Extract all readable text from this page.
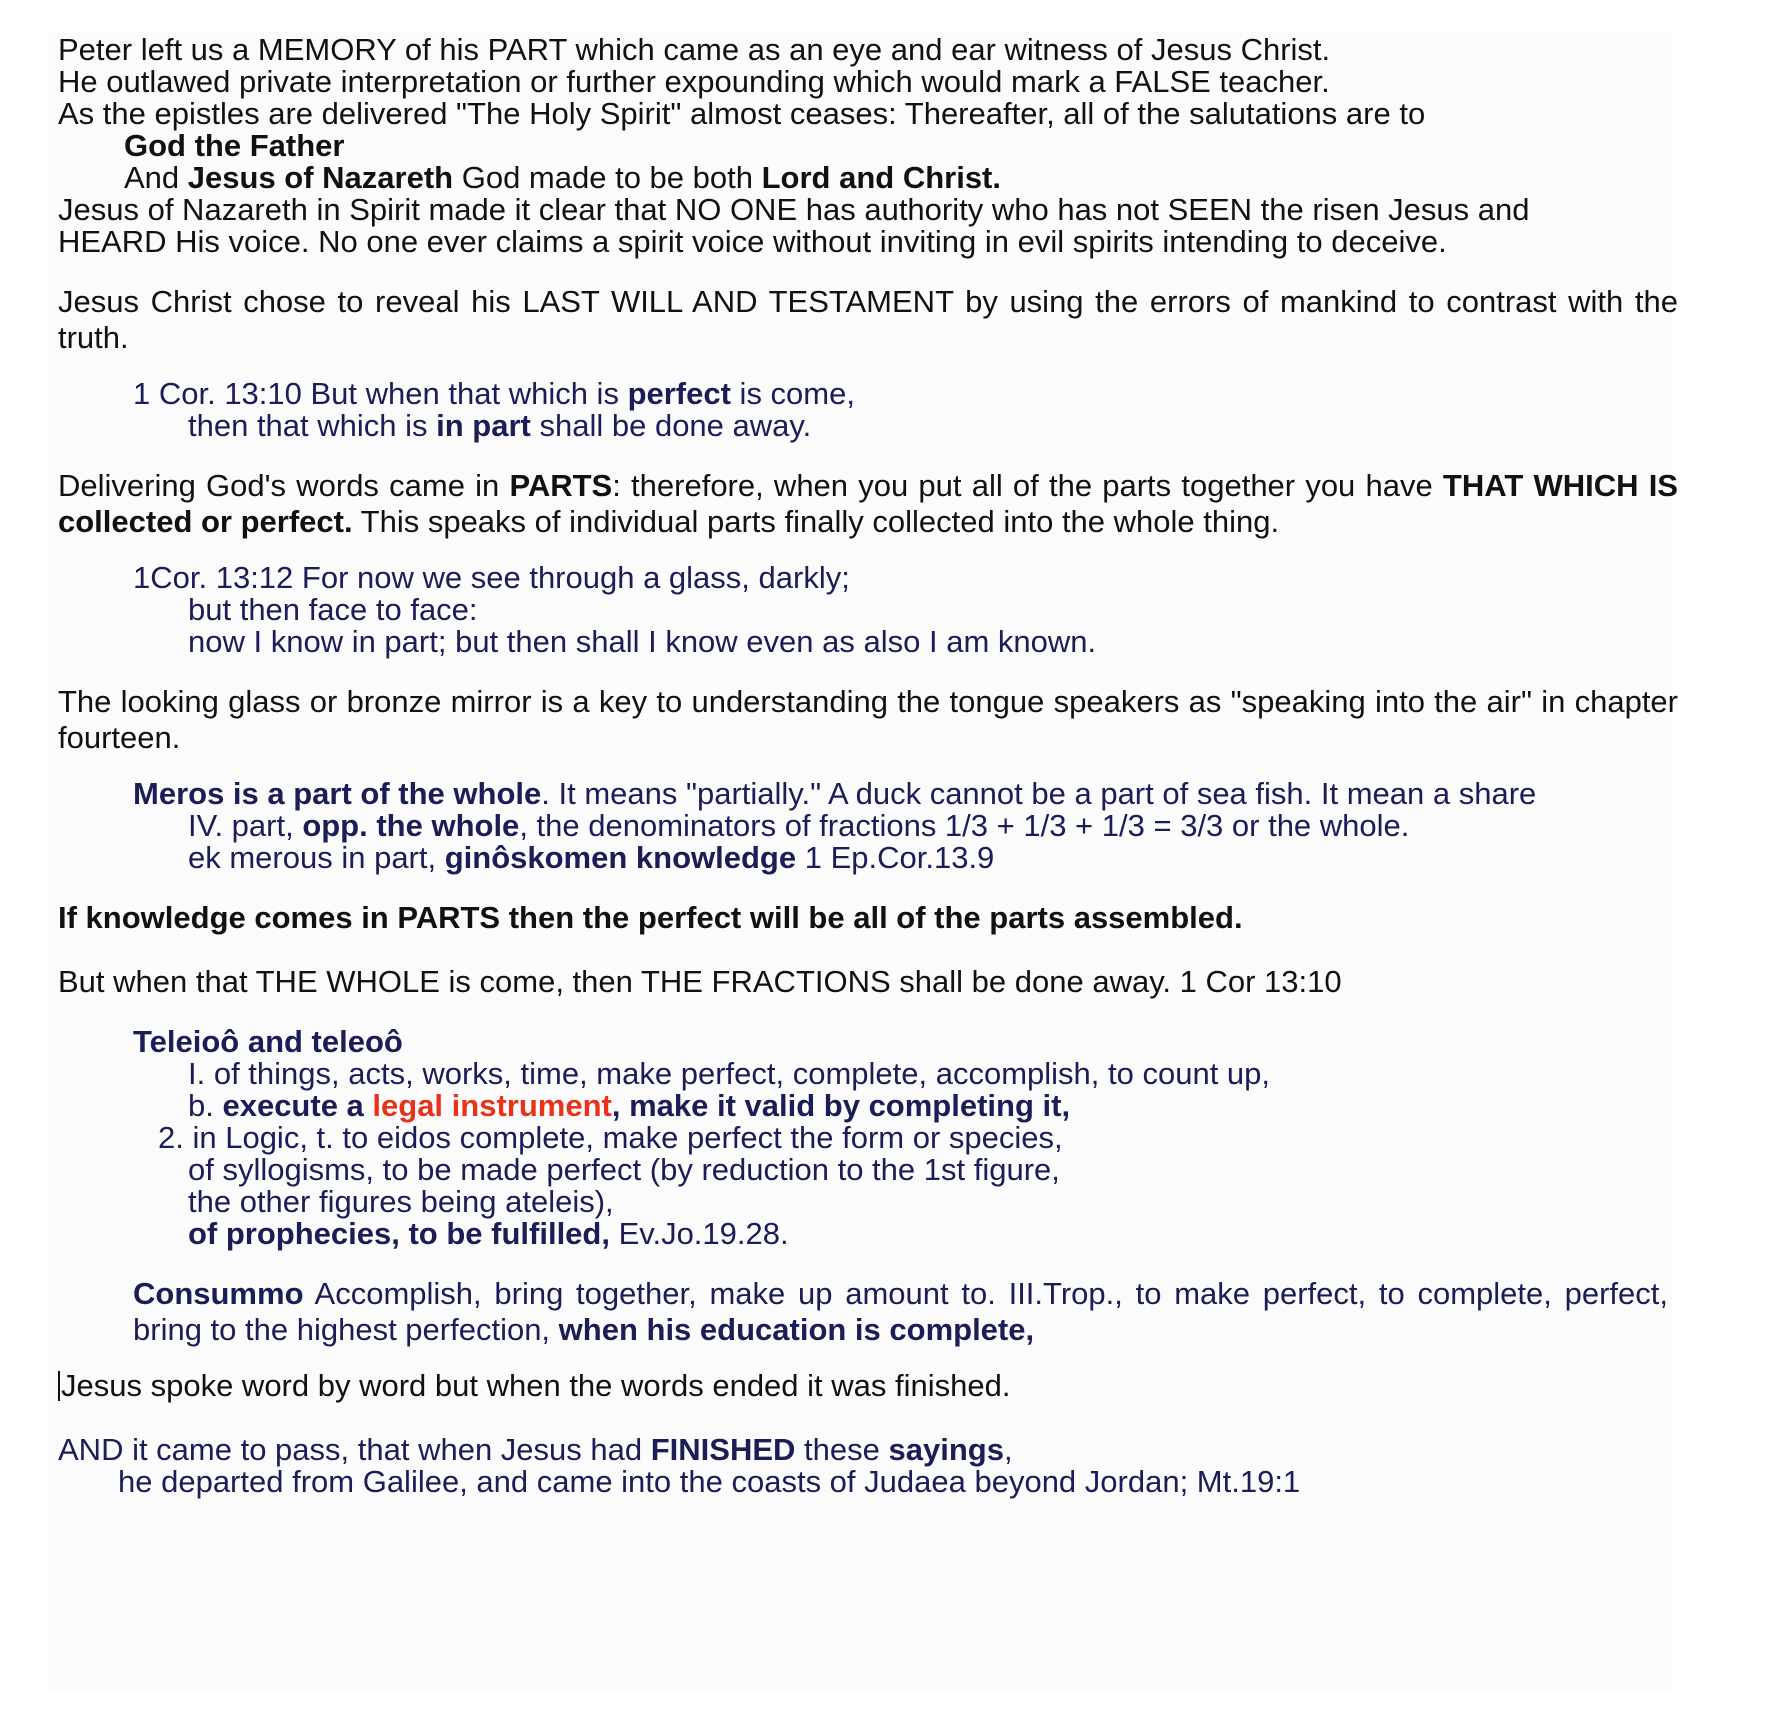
Peter left us a MEMORY of his PART which came as an eye and ear witness of Jesus Christ.

He outlawed private interpretation or further expounding which would mark a FALSE teacher.

As the epistles are delivered "The Holy Spirit" almost ceases: Thereafter, all of the salutations are to

God the Father

And Jesus of Nazareth God made to be both Lord and Christ.

Jesus of Nazareth in Spirit made it clear that NO ONE has authority who has not SEEN the risen Jesus and

HEARD His voice. No one ever claims a spirit voice without inviting in evil spirits intending to deceive.

Jesus Christ chose to reveal his LAST WILL AND TESTAMENT by using the errors of mankind to contrast with the truth.

1 Cor. 13:10 But when that which is perfect is come,

then that which is in part shall be done away.

Delivering God's words came in PARTS: therefore, when you put all of the parts together you have THAT WHICH IS collected or perfect. This speaks of individual parts finally collected into the whole thing.

1Cor. 13:12 For now we see through a glass, darkly;

but then face to face:

now I know in part; but then shall I know even as also I am known.

The looking glass or bronze mirror is a key to understanding the tongue speakers as "speaking into the air" in chapter fourteen.

Meros is a part of the whole. It means "partially." A duck cannot be a part of sea fish. It mean a share

IV. part, opp. the whole, the denominators of fractions 1/3 + 1/3 + 1/3 = 3/3 or the whole.

ek merous in part, ginôskomen knowledge 1 Ep.Cor.13.9

If knowledge comes in PARTS then the perfect will be all of the parts assembled.

But when that THE WHOLE is come, then THE FRACTIONS shall be done away. 1 Cor 13:10

Teleioô and teleoô

I. of things, acts, works, time, make perfect, complete, accomplish, to count up,

b. execute a legal instrument, make it valid by completing it,

2. in Logic, t. to eidos complete, make perfect the form or species,

of syllogisms, to be made perfect (by reduction to the 1st figure,

the other figures being ateleis),

of prophecies, to be fulfilled, Ev.Jo.19.28.

Consummo Accomplish, bring together, make up amount to. III.Trop., to make perfect, to complete, perfect, bring to the highest perfection, when his education is complete,

Jesus spoke word by word but when the words ended it was finished.

AND it came to pass, that when Jesus had FINISHED these sayings,

he departed from Galilee, and came into the coasts of Judaea beyond Jordan; Mt.19:1
